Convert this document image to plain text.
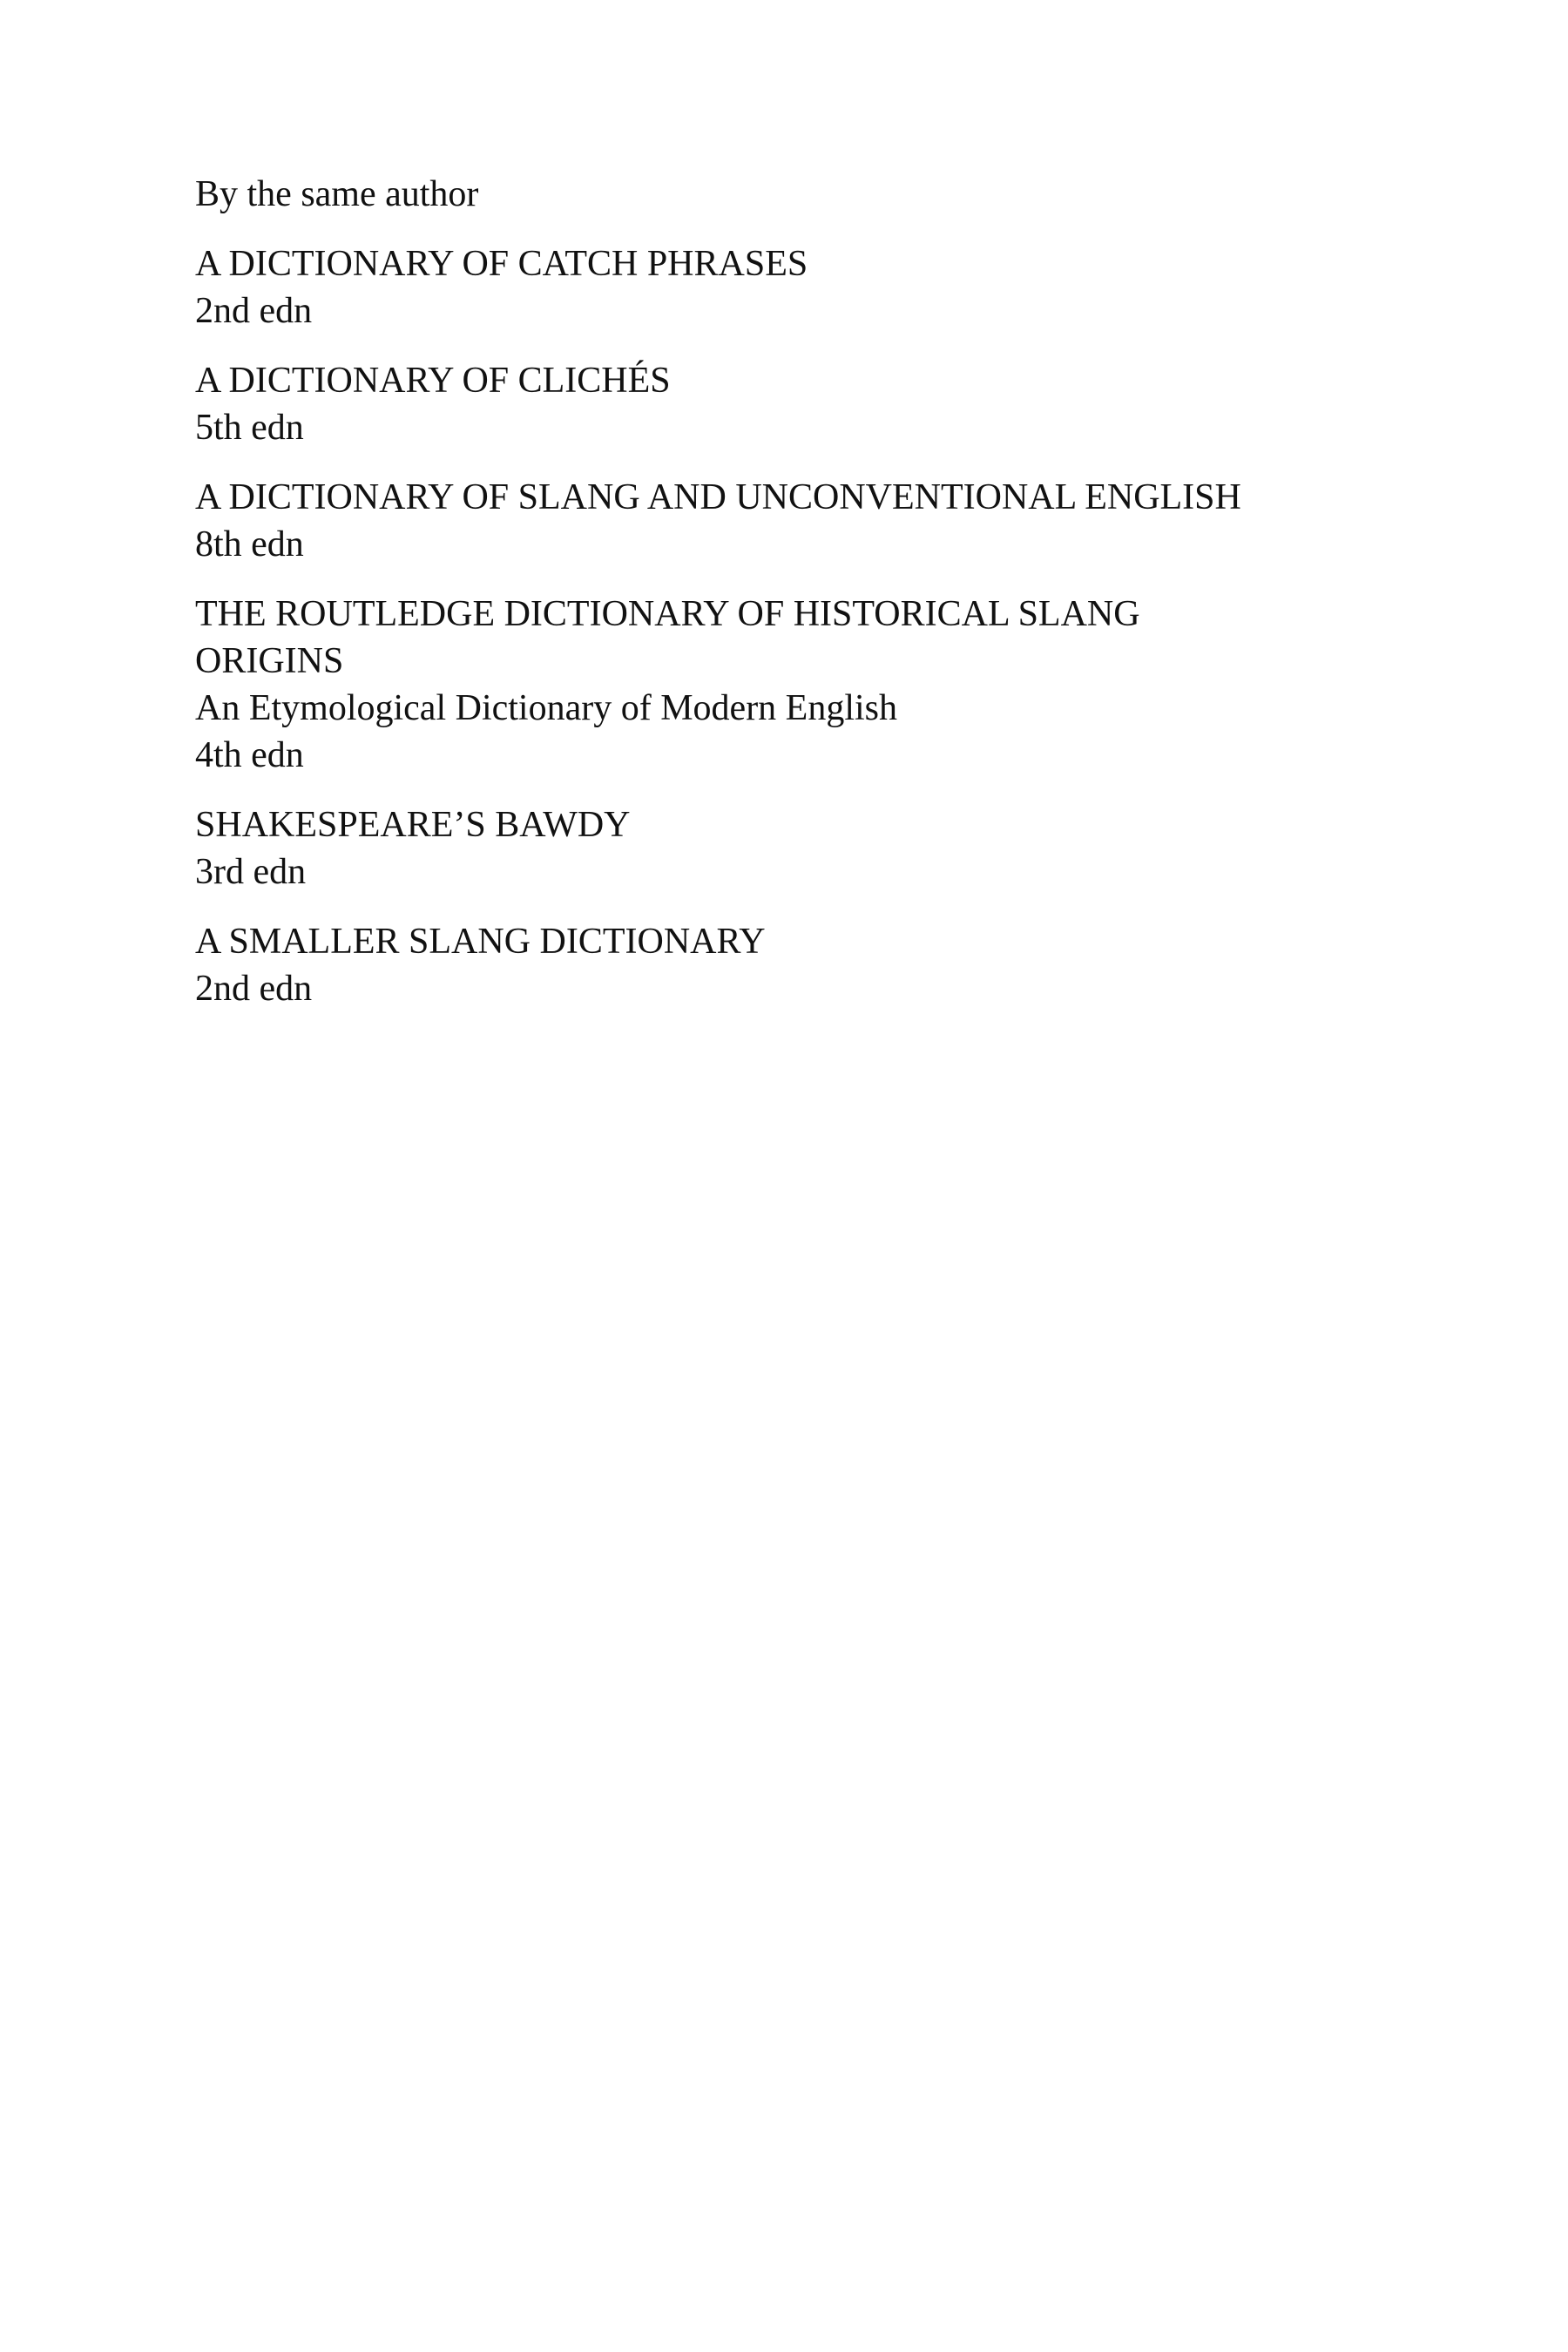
By the same author
A DICTIONARY OF CATCH PHRASES
2nd edn
A DICTIONARY OF CLICHÉS
5th edn
A DICTIONARY OF SLANG AND UNCONVENTIONAL ENGLISH
8th edn
THE ROUTLEDGE DICTIONARY OF HISTORICAL SLANG
ORIGINS
An Etymological Dictionary of Modern English
4th edn
SHAKESPEARE’S BAWDY
3rd edn
A SMALLER SLANG DICTIONARY
2nd edn
